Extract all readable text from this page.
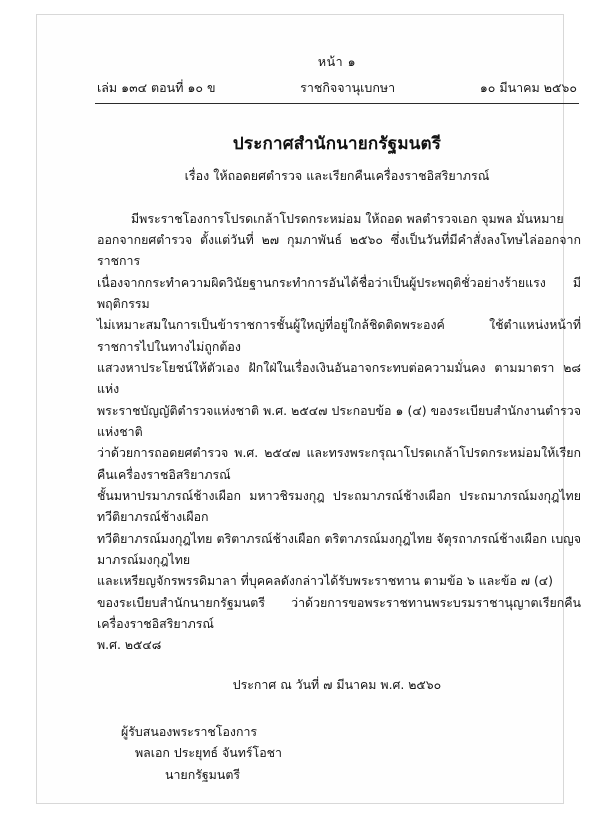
หน้า ๑
เล่ม ๑๓๔ ตอนที่ ๑๐ ข	ราชกิจจานุเบกษา	๑๐ มีนาคม ๒๕๖๐
ประกาศสำนักนายกรัฐมนตรี
เรื่อง ให้ถอดยศตำรวจ และเรียกคืนเครื่องราชอิสริยาภรณ์

มีพระราชโองการโปรดเกล้าโปรดกระหม่อม ให้ถอด พลตำรวจเอก จุมพล มั่นหมาย

ออกจากยศตำรวจ ตั้งแต่วันที่ ๒๗ กุมภาพันธ์ ๒๕๖๐ ซึ่งเป็นวันที่มีคำสั่งลงโทษไล่ออกจากราชการ

เนื่องจากกระทำความผิดวินัยฐานกระทำการอันได้ชื่อว่าเป็นผู้ประพฤติชั่วอย่างร้ายแรง มีพฤติกรรม

ไม่เหมาะสมในการเป็นข้าราชการชั้นผู้ใหญ่ที่อยู่ใกล้ชิดติดพระองค์ ใช้ตำแหน่งหน้าที่ราชการไปในทางไม่ถูกต้อง

แสวงหาประโยชน์ให้ตัวเอง ฝักใฝ่ในเรื่องเงินอันอาจกระทบต่อความมั่นคง ตามมาตรา ๒๘ แห่ง

พระราชบัญญัติตำรวจแห่งชาติ พ.ศ. ๒๕๔๗ ประกอบข้อ ๑ (๔) ของระเบียบสำนักงานตำรวจแห่งชาติ

ว่าด้วยการถอดยศตำรวจ พ.ศ. ๒๕๔๗ และทรงพระกรุณาโปรดเกล้าโปรดกระหม่อมให้เรียกคืนเครื่องราชอิสริยาภรณ์

ชั้นมหาปรมาภรณ์ช้างเผือก มหาวชิรมงกุฎ ประถมาภรณ์ช้างเผือก ประถมาภรณ์มงกุฎไทย ทวีติยาภรณ์ช้างเผือก

ทวีติยาภรณ์มงกุฎไทย ตริตาภรณ์ช้างเผือก ตริตาภรณ์มงกุฎไทย จัตุรถาภรณ์ช้างเผือก เบญจมาภรณ์มงกุฎไทย

และเหรียญจักรพรรดิมาลา ที่บุคคลดังกล่าวได้รับพระราชทาน ตามข้อ ๖ และข้อ ๗ (๔)

ของระเบียบสำนักนายกรัฐมนตรี ว่าด้วยการขอพระราชทานพระบรมราชานุญาตเรียกคืนเครื่องราชอิสริยาภรณ์

พ.ศ. ๒๕๔๘

ประกาศ ณ วันที่ ๗ มีนาคม พ.ศ. ๒๕๖๐
ผู้รับสนองพระราชโองการ
พลเอก ประยุทธ์ จันทร์โอชา
นายกรัฐมนตรี
